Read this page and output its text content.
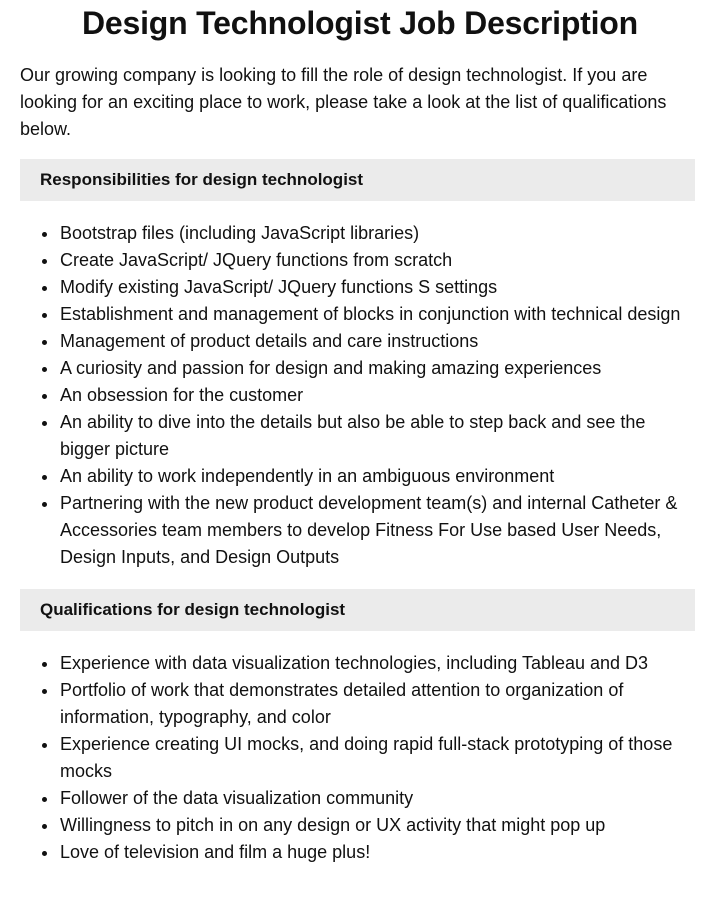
Design Technologist Job Description

Our growing company is looking to fill the role of design technologist. If you are looking for an exciting place to work, please take a look at the list of qualifications below.

Responsibilities for design technologist
Bootstrap files (including JavaScript libraries)
Create JavaScript/ JQuery functions from scratch
Modify existing JavaScript/ JQuery functions S settings
Establishment and management of blocks in conjunction with technical design
Management of product details and care instructions
A curiosity and passion for design and making amazing experiences
An obsession for the customer
An ability to dive into the details but also be able to step back and see the bigger picture
An ability to work independently in an ambiguous environment
Partnering with the new product development team(s) and internal Catheter & Accessories team members to develop Fitness For Use based User Needs, Design Inputs, and Design Outputs
Qualifications for design technologist
Experience with data visualization technologies, including Tableau and D3
Portfolio of work that demonstrates detailed attention to organization of information, typography, and color
Experience creating UI mocks, and doing rapid full-stack prototyping of those mocks
Follower of the data visualization community
Willingness to pitch in on any design or UX activity that might pop up
Love of television and film a huge plus!
